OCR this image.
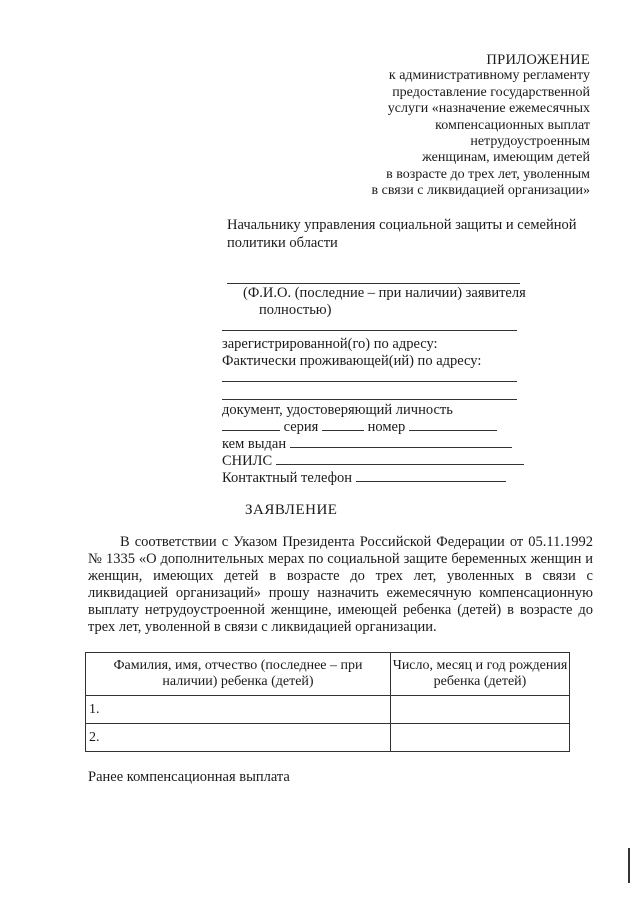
ПРИЛОЖЕНИЕ
к административному регламенту
предоставление государственной
услуги «назначение ежемесячных
компенсационных выплат
нетрудоустроенным
женщинам, имеющим детей
в возрасте до трех лет, уволенным
в связи с ликвидацией организации»
Начальнику управления социальной защиты и семейной политики области
(Ф.И.О. (последние – при наличии) заявителя
полностью)
зарегистрированной(го) по адресу:
Фактически проживающей(ий) по адресу:
документ, удостоверяющий личность
серия	номер
кем выдан
СНИЛС
Контактный телефон
ЗАЯВЛЕНИЕ
В соответствии с Указом Президента Российской Федерации от 05.11.1992 № 1335 «О дополнительных мерах по социальной защите беременных женщин и женщин, имеющих детей в возрасте до трех лет, уволенных в связи с ликвидацией организаций» прошу назначить ежемесячную компенсационную выплату нетрудоустроенной женщине, имеющей ребенка (детей) в возрасте до трех лет, уволенной в связи с ликвидацией организации.
Фамилия, имя, отчество (последнее – при наличии) ребенка (детей)	Число, месяц и год рождения ребенка (детей)
1.	
2.	
Ранее компенсационная выплата
